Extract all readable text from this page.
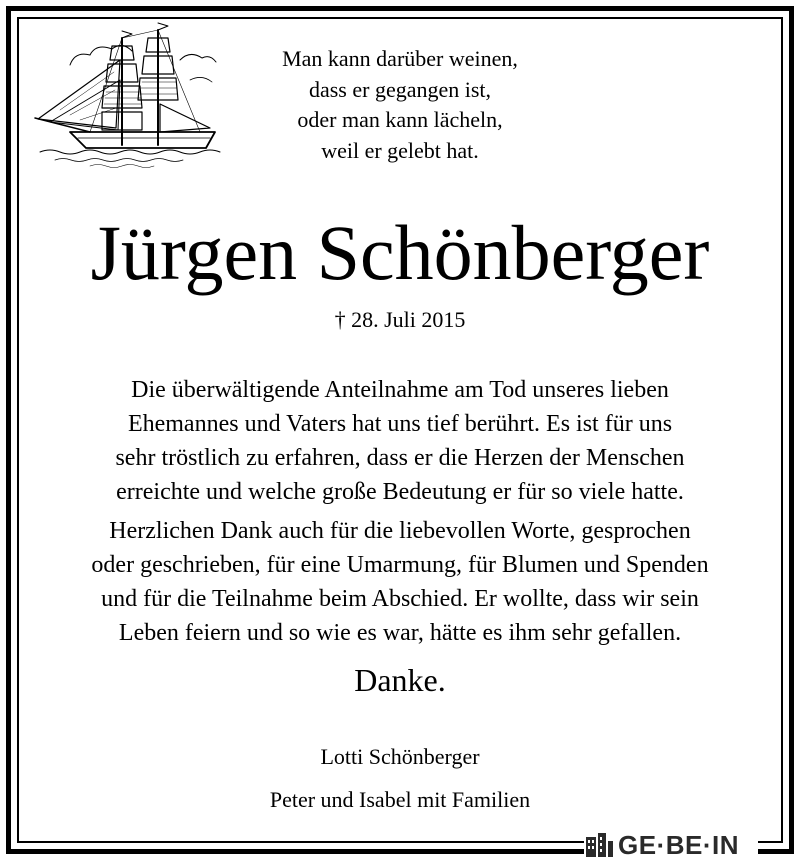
Man kann darüber weinen,
dass er gegangen ist,
oder man kann lächeln,
weil er gelebt hat.
Jürgen Schönberger
† 28. Juli 2015
Die überwältigende Anteilnahme am Tod unseres lieben
Ehemannes und Vaters hat uns tief berührt. Es ist für uns
sehr tröstlich zu erfahren, dass er die Herzen der Menschen
erreichte und welche große Bedeutung er für so viele hatte.
Herzlichen Dank auch für die liebevollen Worte, gesprochen
oder geschrieben, für eine Umarmung, für Blumen und Spenden
und für die Teilnahme beim Abschied. Er wollte, dass wir sein
Leben feiern und so wie es war, hätte es ihm sehr gefallen.
Danke.
Lotti Schönberger
Peter und Isabel mit Familien
GE·BE·IN
